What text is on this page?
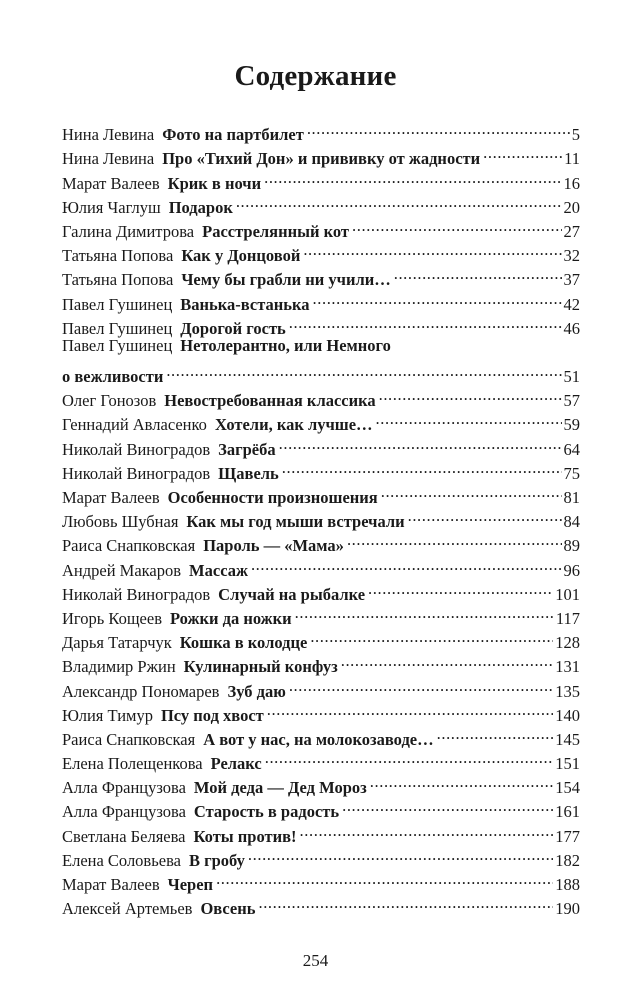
Содержание
Нина Левина Фото на партбилет .....	5
Нина Левина Про «Тихий Дон» и прививку от жадности .....	11
Марат Валеев Крик в ночи .....	16
Юлия Чаглуш Подарок .....	20
Галина Димитрова Расстрелянный кот .....	27
Татьяна Попова Как у Донцовой .....	32
Татьяна Попова Чему бы грабли ни учили… .....	37
Павел Гушинец Ванька-встанька .....	42
Павел Гушинец Дорогой гость .....	46
Павел Гушинец Нетолерантно, или Немного
о вежливости .....	51
Олег Гонозов Невостребованная классика .....	57
Геннадий Авласенко Хотели, как лучше… .....	59
Николай Виноградов Загрёба .....	64
Николай Виноградов Щавель .....	75
Марат Валеев Особенности произношения .....	81
Любовь Шубная Как мы год мыши встречали .....	84
Раиса Снапковская Пароль — «Мама» .....	89
Андрей Макаров Массаж .....	96
Николай Виноградов Случай на рыбалке .....	101
Игорь Кощеев Рожки да ножки .....	117
Дарья Татарчук Кошка в колодце .....	128
Владимир Ржин Кулинарный конфуз .....	131
Александр Пономарев Зуб даю .....	135
Юлия Тимур Псу под хвост .....	140
Раиса Снапковская А вот у нас, на молокозаводе… .....	145
Елена Полещенкова Релакс .....	151
Алла Французова Мой деда — Дед Мороз .....	154
Алла Французова Старость в радость .....	161
Светлана Беляева Коты против! .....	177
Елена Соловьева В гробу .....	182
Марат Валеев Череп .....	188
Алексей Артемьев Овсень .....	190
254
